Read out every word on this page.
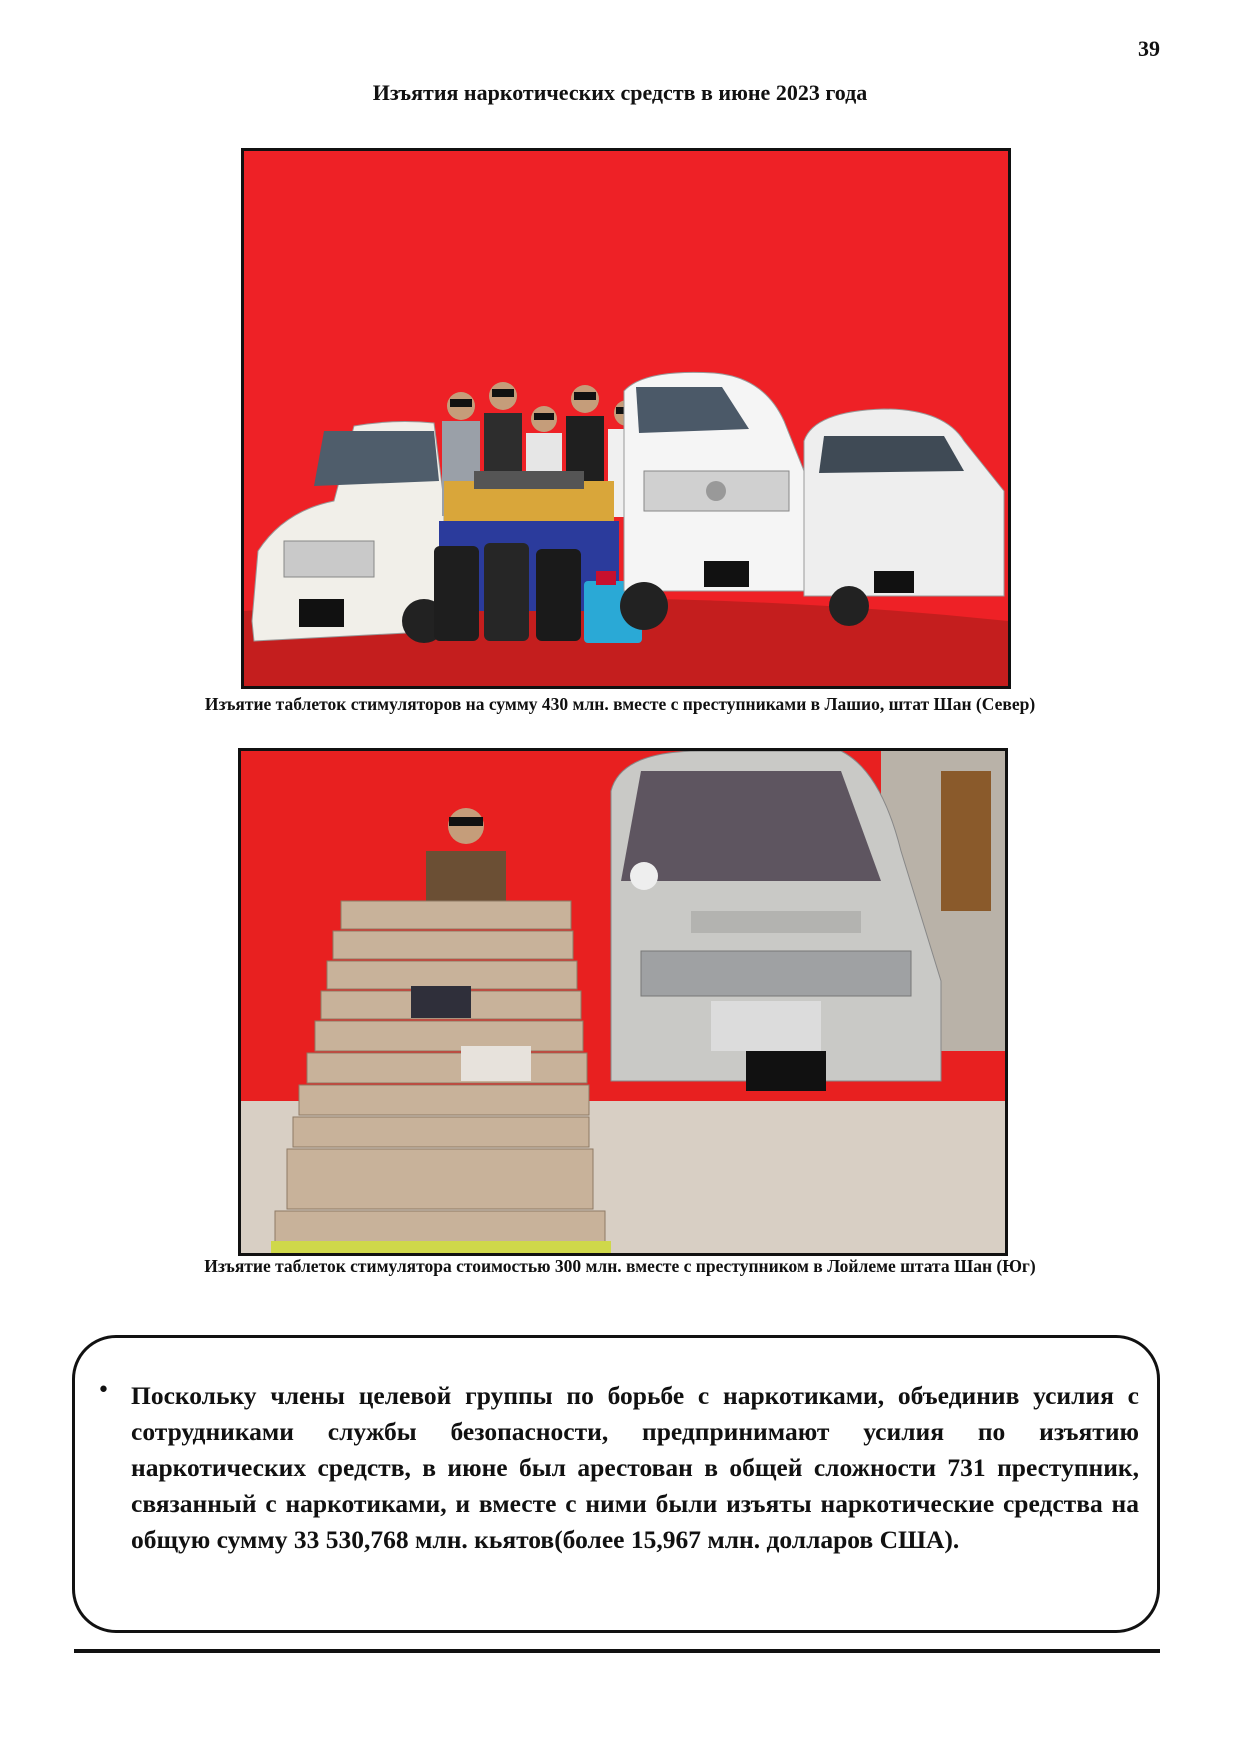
39
Изъятия наркотических средств в июне 2023 года
Изъятие таблеток стимуляторов на сумму 430 млн. вместе с преступниками в Лашио, штат Шан (Север)
Изъятие таблеток стимулятора стоимостью 300 млн. вместе с преступником в Лойлеме штата Шан (Юг)
• Поскольку члены целевой группы по борьбе с наркотиками, объединив усилия с сотрудниками службы безопасности, предпринимают усилия по изъятию наркотических средств, в июне был арестован в общей сложности 731 преступник, связанный с наркотиками, и вместе с ними были изъяты наркотические средства на общую сумму 33 530,768 млн. кьятов(более 15,967 млн. долларов США).
